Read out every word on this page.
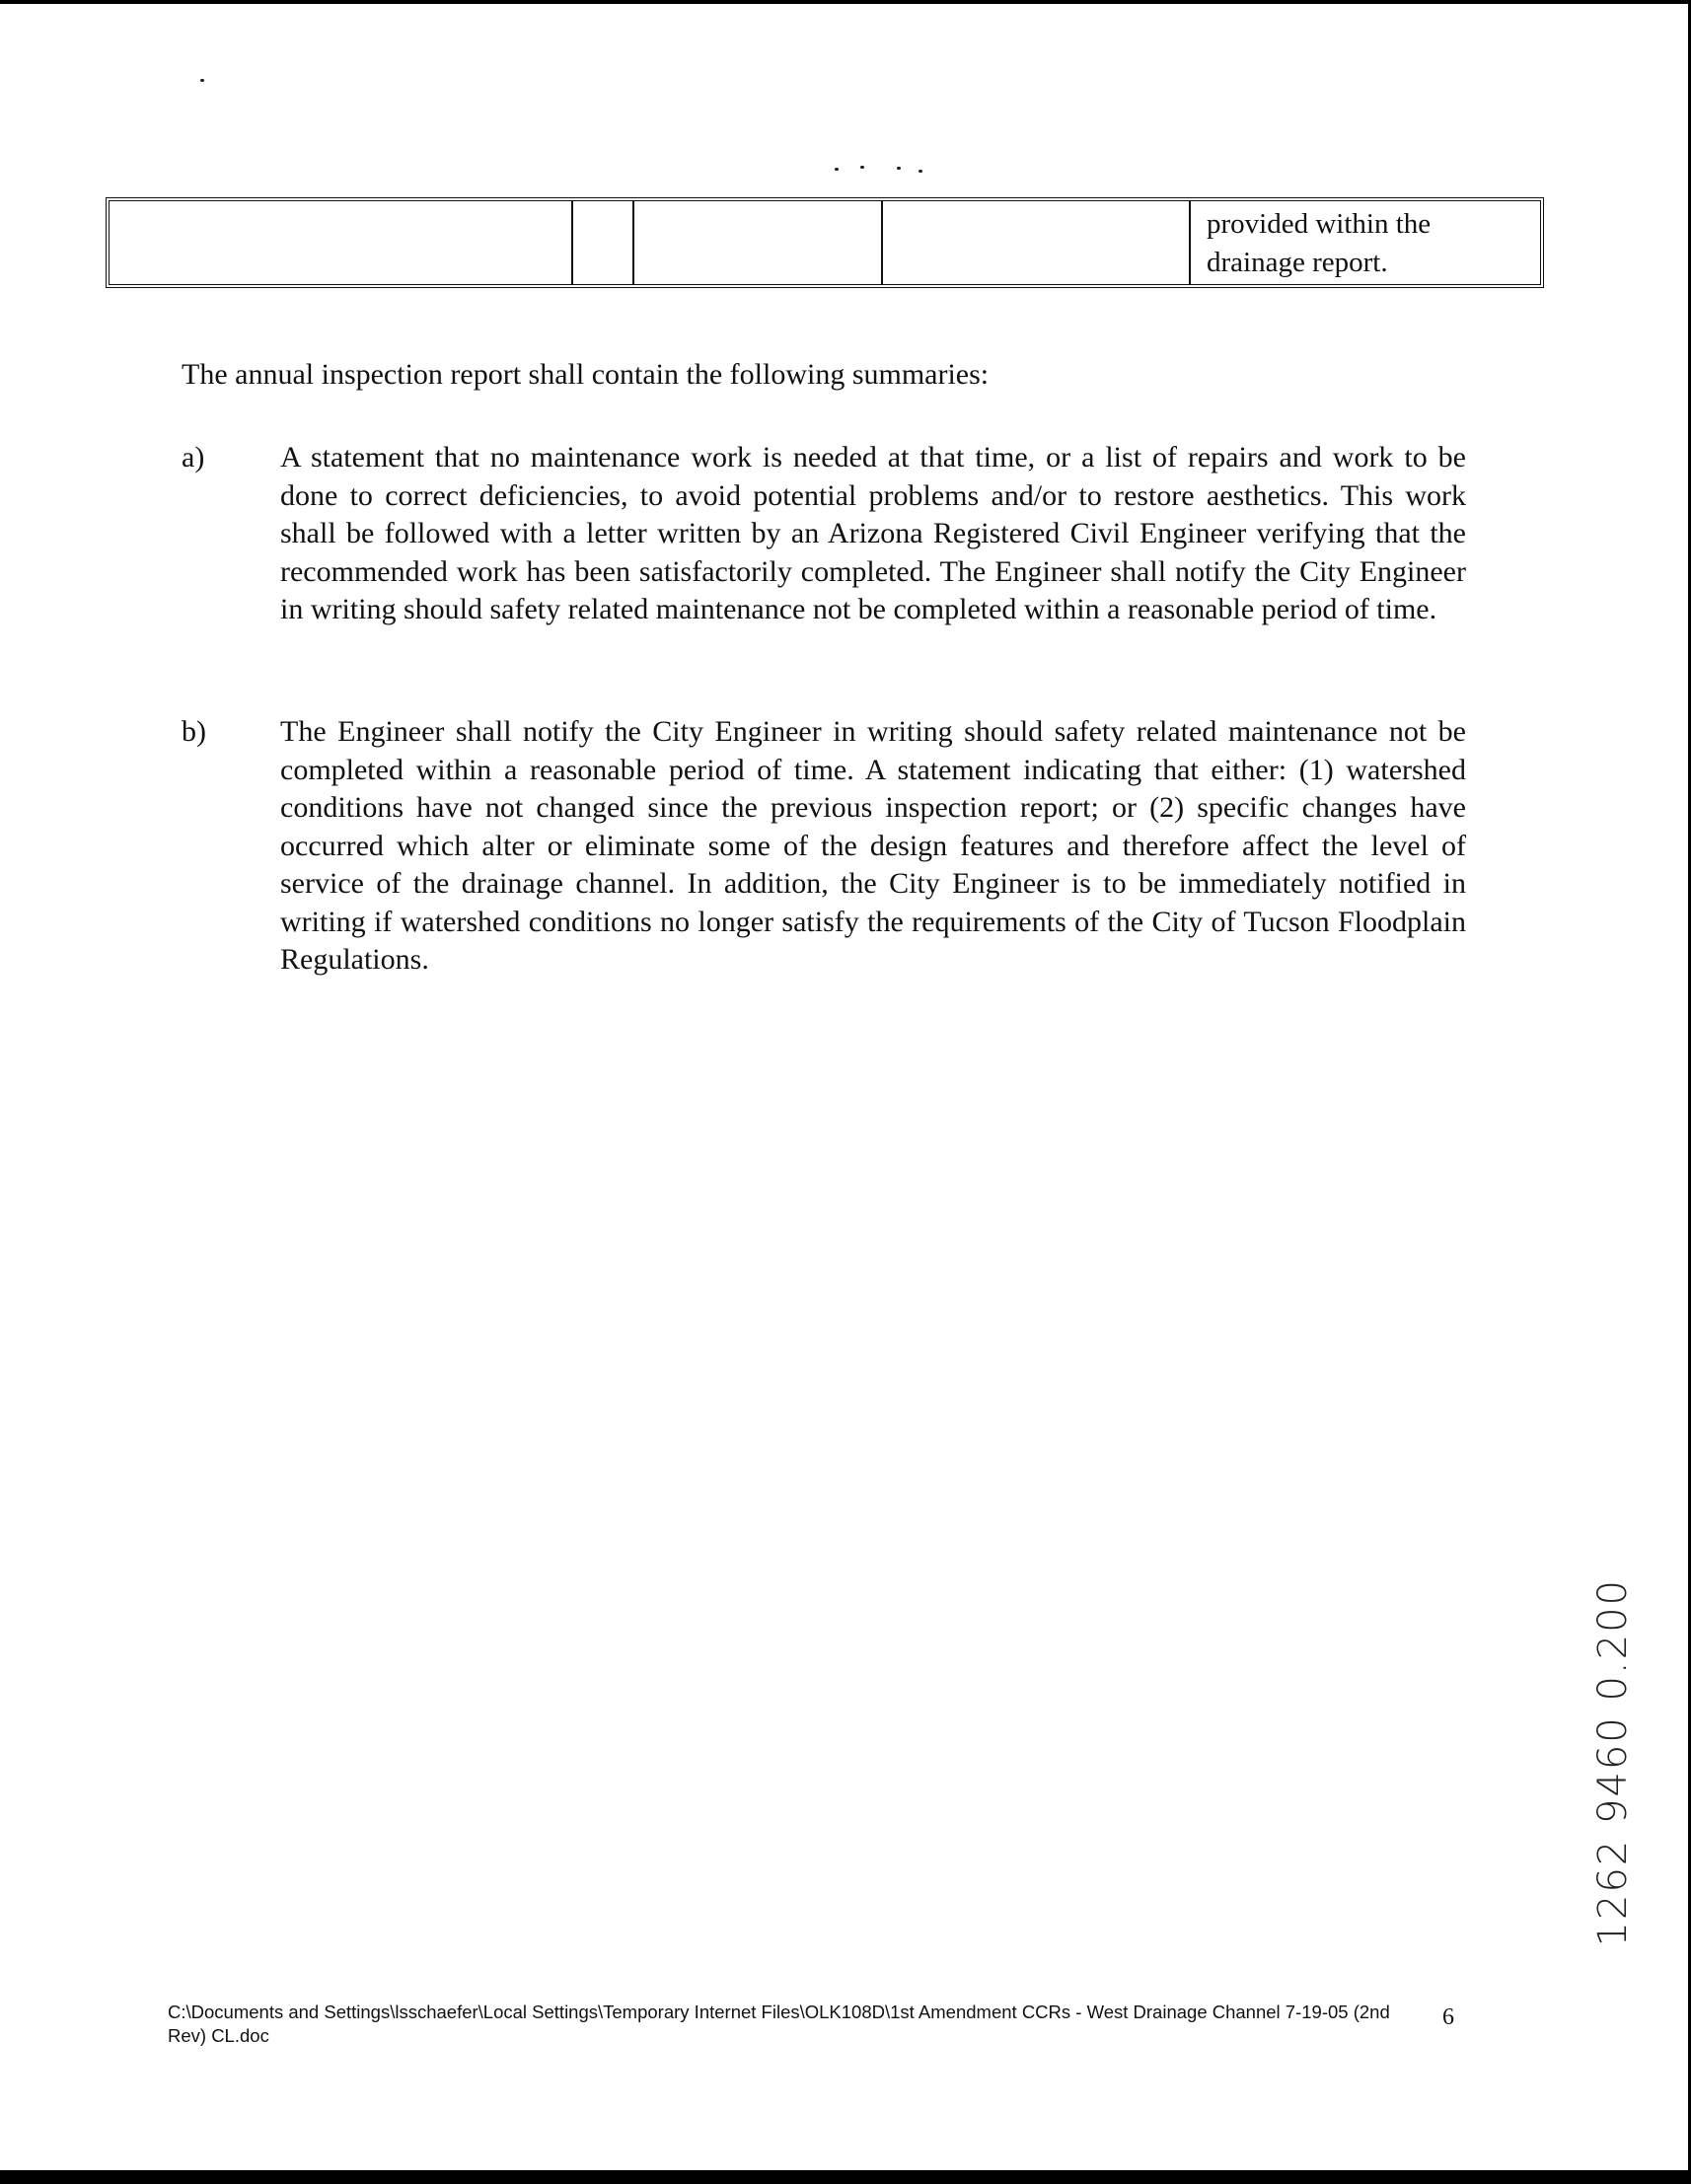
provided within the drainage report.

The annual inspection report shall contain the following summaries:

a)	A statement that no maintenance work is needed at that time, or a list of repairs and work to be done to correct deficiencies, to avoid potential problems and/or to restore aesthetics. This work shall be followed with a letter written by an Arizona Registered Civil Engineer verifying that the recommended work has been satisfactorily completed. The Engineer shall notify the City Engineer in writing should safety related maintenance not be completed within a reasonable period of time.

b)	The Engineer shall notify the City Engineer in writing should safety related maintenance not be completed within a reasonable period of time. A statement indicating that either: (1) watershed conditions have not changed since the previous inspection report; or (2) specific changes have occurred which alter or eliminate some of the design features and therefore affect the level of service of the drainage channel. In addition, the City Engineer is to be immediately notified in writing if watershed conditions no longer satisfy the requirements of the City of Tucson Floodplain Regulations.

1262 9460 0.200

C:\Documents and Settings\lsschaefer\Local Settings\Temporary Internet Files\OLK108D\1st Amendment CCRs - West Drainage Channel 7-19-05 (2nd Rev) CL.doc

6
